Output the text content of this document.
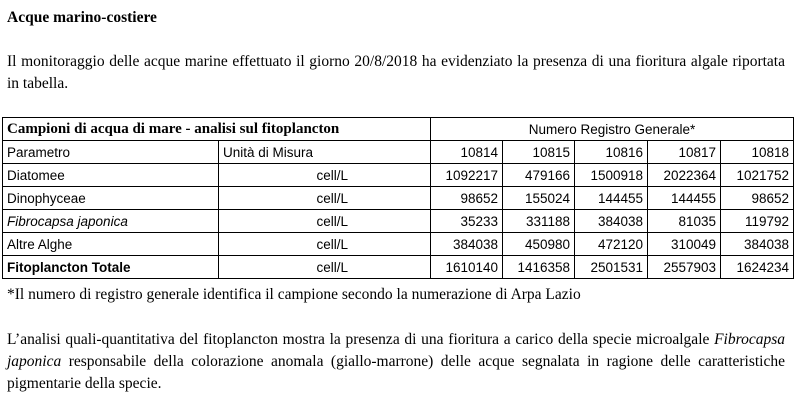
Acque marino-costiere

Il monitoraggio delle acque marine effettuato il giorno 20/8/2018 ha evidenziato la presenza di una fioritura algale riportata in tabella.

Campioni di acqua di mare - analisi sul fitoplancton		Numero Registro Generale*				
Parametro	Unità di Misura	10814	10815	10816	10817	10818
Diatomee	cell/L	1092217	479166	1500918	2022364	1021752
Dinophyceae	cell/L	98652	155024	144455	144455	98652
Fibrocapsa japonica	cell/L	35233	331188	384038	81035	119792
Altre Alghe	cell/L	384038	450980	472120	310049	384038
Fitoplancton Totale	cell/L	1610140	1416358	2501531	2557903	1624234

*Il numero di registro generale identifica il campione secondo la numerazione di Arpa Lazio

L’analisi quali-quantitativa del fitoplancton mostra la presenza di una fioritura a carico della specie microalgale Fibrocapsa japonica responsabile della colorazione anomala (giallo-marrone) delle acque segnalata in ragione delle caratteristiche pigmentarie della specie.
